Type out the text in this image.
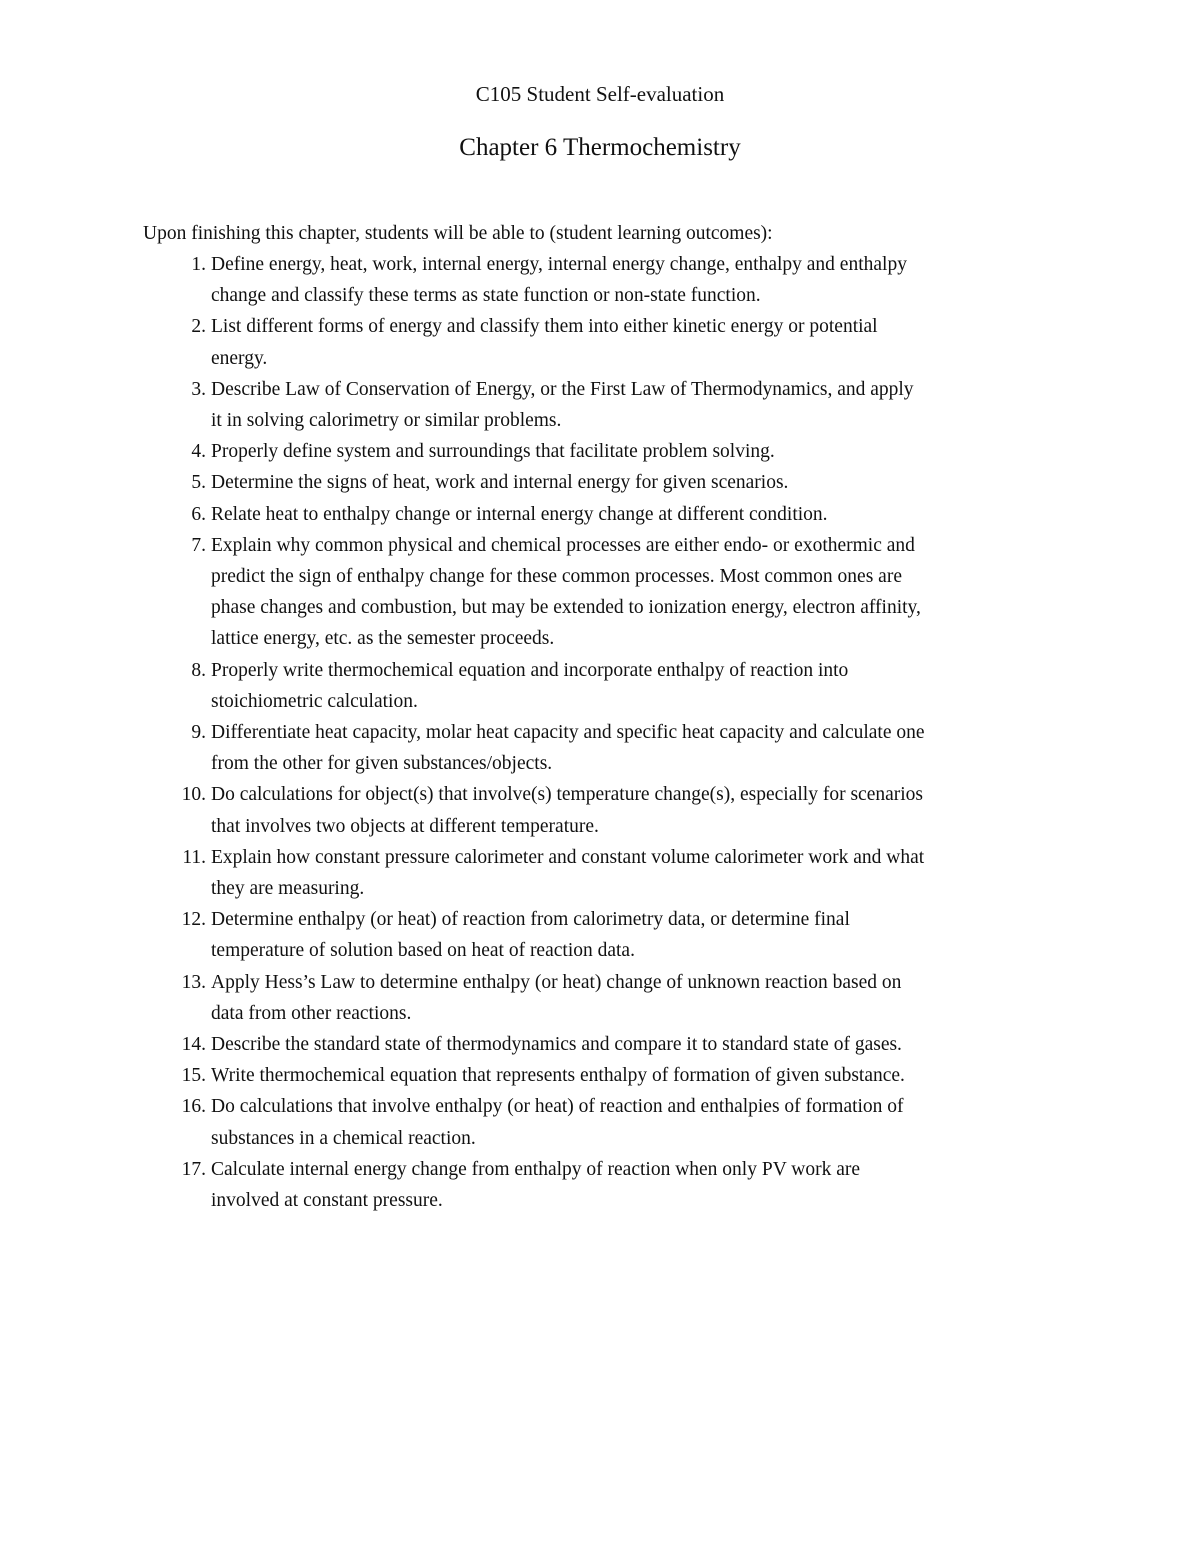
C105 Student Self-evaluation
Chapter 6 Thermochemistry
Upon finishing this chapter, students will be able to (student learning outcomes):
1. Define energy, heat, work, internal energy, internal energy change, enthalpy and enthalpy
change and classify these terms as state function or non-state function.
2. List different forms of energy and classify them into either kinetic energy or potential
energy.
3. Describe Law of Conservation of Energy, or the First Law of Thermodynamics, and apply
it in solving calorimetry or similar problems.
4. Properly define system and surroundings that facilitate problem solving.
5. Determine the signs of heat, work and internal energy for given scenarios.
6. Relate heat to enthalpy change or internal energy change at different condition.
7. Explain why common physical and chemical processes are either endo- or exothermic and
predict the sign of enthalpy change for these common processes. Most common ones are
phase changes and combustion, but may be extended to ionization energy, electron affinity,
lattice energy, etc. as the semester proceeds.
8. Properly write thermochemical equation and incorporate enthalpy of reaction into
stoichiometric calculation.
9. Differentiate heat capacity, molar heat capacity and specific heat capacity and calculate one
from the other for given substances/objects.
10. Do calculations for object(s) that involve(s) temperature change(s), especially for scenarios
that involves two objects at different temperature.
11. Explain how constant pressure calorimeter and constant volume calorimeter work and what
they are measuring.
12. Determine enthalpy (or heat) of reaction from calorimetry data, or determine final
temperature of solution based on heat of reaction data.
13. Apply Hess’s Law to determine enthalpy (or heat) change of unknown reaction based on
data from other reactions.
14. Describe the standard state of thermodynamics and compare it to standard state of gases.
15. Write thermochemical equation that represents enthalpy of formation of given substance.
16. Do calculations that involve enthalpy (or heat) of reaction and enthalpies of formation of
substances in a chemical reaction.
17. Calculate internal energy change from enthalpy of reaction when only PV work are
involved at constant pressure.
